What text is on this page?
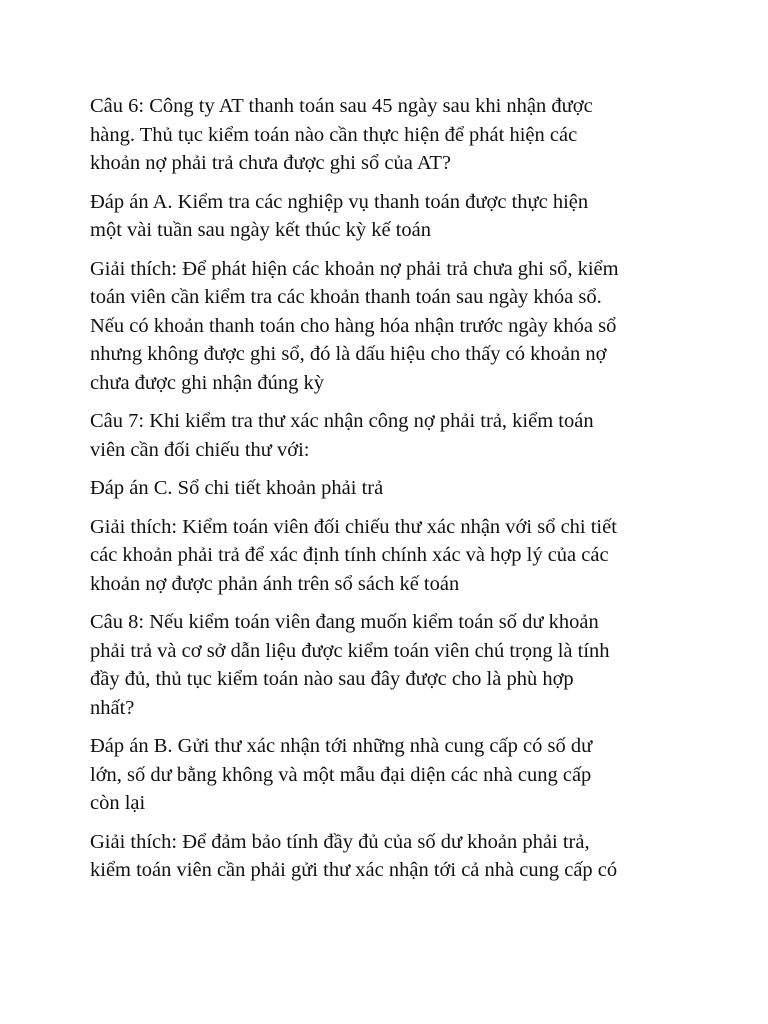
Câu 6: Công ty AT thanh toán sau 45 ngày sau khi nhận được
hàng. Thủ tục kiểm toán nào cần thực hiện để phát hiện các
khoản nợ phải trả chưa được ghi sổ của AT?
Đáp án A. Kiểm tra các nghiệp vụ thanh toán được thực hiện
một vài tuần sau ngày kết thúc kỳ kế toán
Giải thích: Để phát hiện các khoản nợ phải trả chưa ghi sổ, kiểm
toán viên cần kiểm tra các khoản thanh toán sau ngày khóa sổ.
Nếu có khoản thanh toán cho hàng hóa nhận trước ngày khóa sổ
nhưng không được ghi sổ, đó là dấu hiệu cho thấy có khoản nợ
chưa được ghi nhận đúng kỳ
Câu 7: Khi kiểm tra thư xác nhận công nợ phải trả, kiểm toán
viên cần đối chiếu thư với:
Đáp án C. Sổ chi tiết khoản phải trả
Giải thích: Kiểm toán viên đối chiếu thư xác nhận với sổ chi tiết
các khoản phải trả để xác định tính chính xác và hợp lý của các
khoản nợ được phản ánh trên sổ sách kế toán
Câu 8: Nếu kiểm toán viên đang muốn kiểm toán số dư khoản
phải trả và cơ sở dẫn liệu được kiểm toán viên chú trọng là tính
đầy đủ, thủ tục kiểm toán nào sau đây được cho là phù hợp
nhất?
Đáp án B. Gửi thư xác nhận tới những nhà cung cấp có số dư
lớn, số dư bằng không và một mẫu đại diện các nhà cung cấp
còn lại
Giải thích: Để đảm bảo tính đầy đủ của số dư khoản phải trả,
kiểm toán viên cần phải gửi thư xác nhận tới cả nhà cung cấp có
